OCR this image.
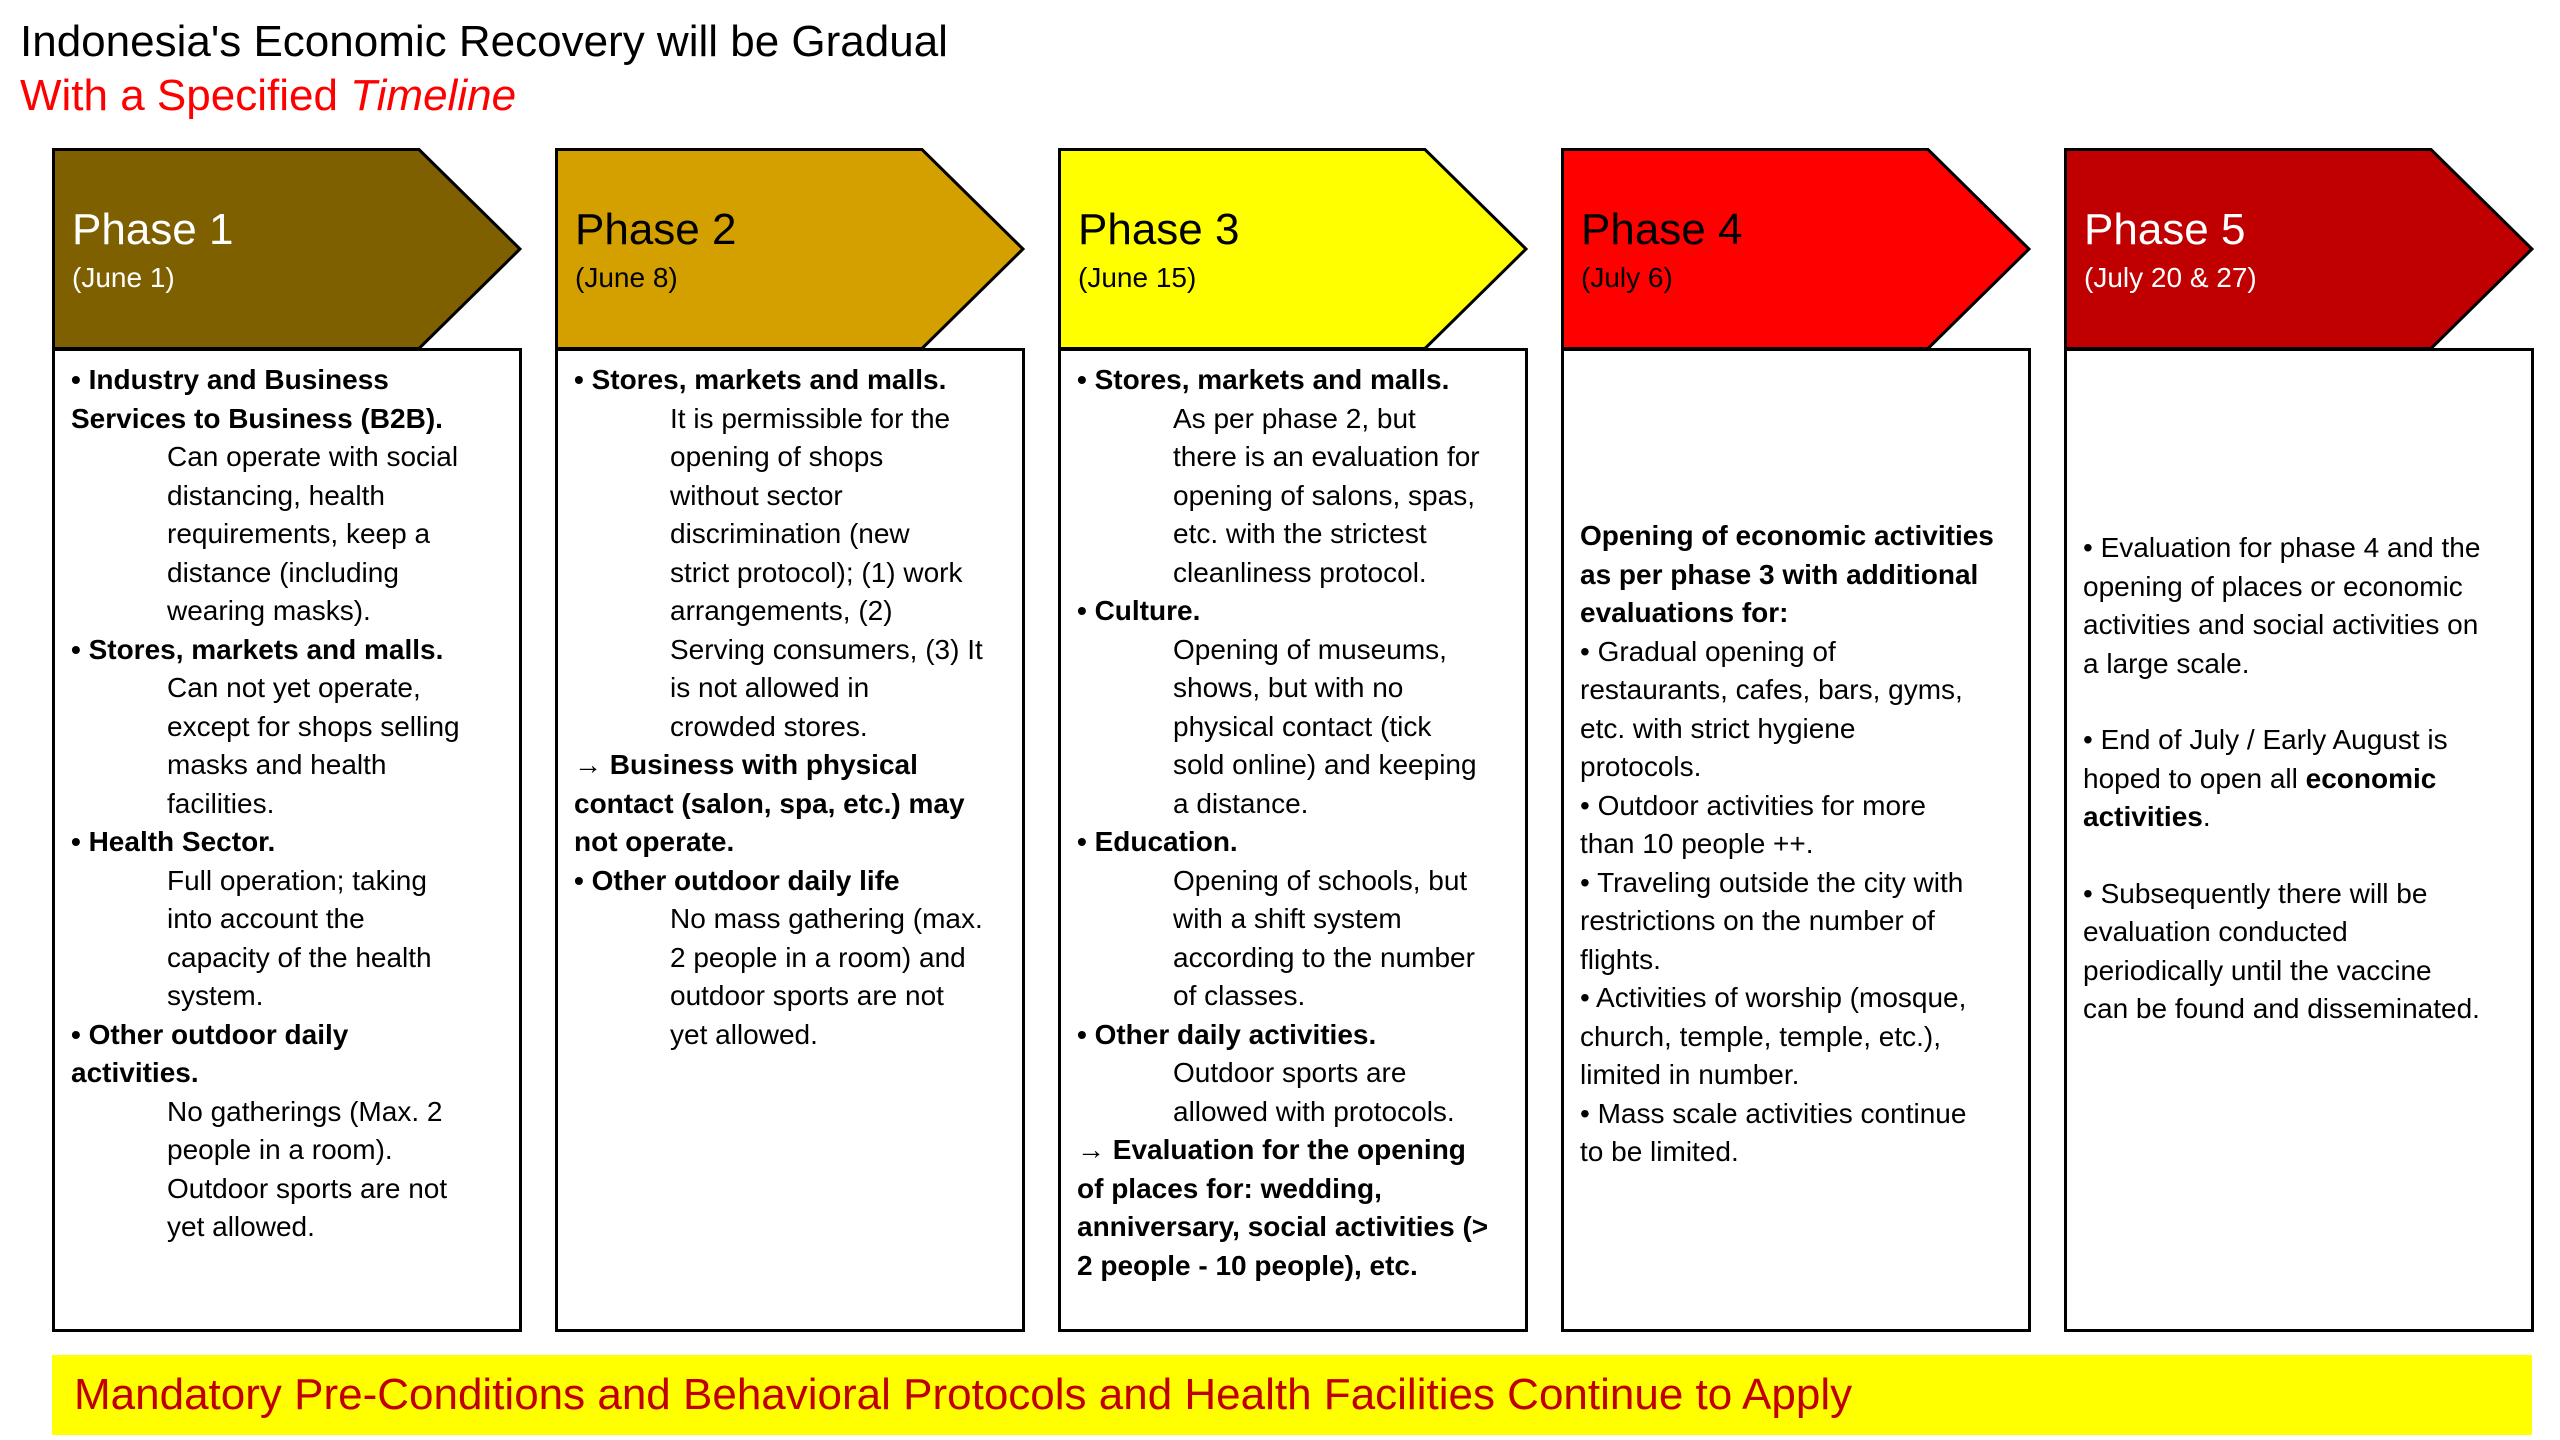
Indonesia's Economic Recovery will be Gradual
With a Specified Timeline
Phase 1
(June 1)
• Industry and Business
Services to Business (B2B).
Can operate with social
distancing, health
requirements, keep a
distance (including
wearing masks).
• Stores, markets and malls.
Can not yet operate,
except for shops selling
masks and health
facilities.
• Health Sector.
Full operation; taking
into account the
capacity of the health
system.
• Other outdoor daily
activities.
No gatherings (Max. 2
people in a room).
Outdoor sports are not
yet allowed.
Phase 2
(June 8)
• Stores, markets and malls.
It is permissible for the
opening of shops
without sector
discrimination (new
strict protocol); (1) work
arrangements, (2)
Serving consumers, (3) It
is not allowed in
crowded stores.
→ Business with physical
contact (salon, spa, etc.) may
not operate.
• Other outdoor daily life
No mass gathering (max.
2 people in a room) and
outdoor sports are not
yet allowed.
Phase 3
(June 15)
• Stores, markets and malls.
As per phase 2, but
there is an evaluation for
opening of salons, spas,
etc. with the strictest
cleanliness protocol.
• Culture.
Opening of museums,
shows, but with no
physical contact (tick
sold online) and keeping
a distance.
• Education.
Opening of schools, but
with a shift system
according to the number
of classes.
• Other daily activities.
Outdoor sports are
allowed with protocols.
→ Evaluation for the opening
of places for: wedding,
anniversary, social activities (>
2 people - 10 people), etc.
Phase 4
(July 6)
Opening of economic activities
as per phase 3 with additional
evaluations for:
• Gradual opening of
restaurants, cafes, bars, gyms,
etc. with strict hygiene
protocols.
• Outdoor activities for more
than 10 people ++.
• Traveling outside the city with
restrictions on the number of
flights.
• Activities of worship (mosque,
church, temple, temple, etc.),
limited in number.
• Mass scale activities continue
to be limited.
Phase 5
(July 20 & 27)
• Evaluation for phase 4 and the
opening of places or economic
activities and social activities on
a large scale.
• End of July / Early August is
hoped to open all economic
activities.
• Subsequently there will be
evaluation conducted
periodically until the vaccine
can be found and disseminated.
Mandatory Pre-Conditions and Behavioral Protocols and Health Facilities Continue to Apply
